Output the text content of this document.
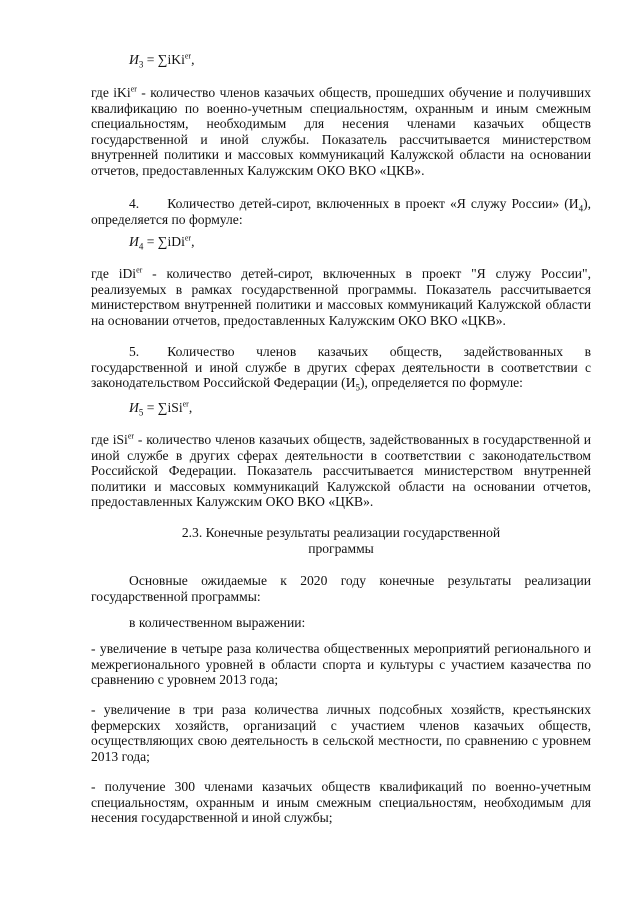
$И_3 = \sum iKi^{er}$,
где iKi$^{er}$ - количество членов казачьих обществ, прошедших обучение и получивших квалификацию по военно-учетным специальностям, охранным и иным смежным специальностям, необходимым для несения членами казачьих обществ государственной и иной службы. Показатель рассчитывается министерством внутренней политики и массовых коммуникаций Калужской области на основании отчетов, предоставленных Калужским ОКО ВКО «ЦКВ».
4. Количество детей-сирот, включенных в проект «Я служу России» $(И_4)$, определяется по формуле:
$И_4 = \sum iDi^{er}$,
где iDi$^{er}$ - количество детей-сирот, включенных в проект "Я служу России", реализуемых в рамках государственной программы. Показатель рассчитывается министерством внутренней политики и массовых коммуникаций Калужской области на основании отчетов, предоставленных Калужским ОКО ВКО «ЦКВ».
5. Количество членов казачьих обществ, задействованных в государственной и иной службе в других сферах деятельности в соответствии с законодательством Российской Федерации $(И_5)$, определяется по формуле:
$И_5 = \sum iSi^{er}$,
где iSi$^{er}$ - количество членов казачьих обществ, задействованных в государственной и иной службе в других сферах деятельности в соответствии с законодательством Российской Федерации. Показатель рассчитывается министерством внутренней политики и массовых коммуникаций Калужской области на основании отчетов, предоставленных Калужским ОКО ВКО «ЦКВ».
2.3. Конечные результаты реализации государственной
программы
Основные ожидаемые к 2020 году конечные результаты реализации государственной программы:
в количественном выражении:
- увеличение в четыре раза количества общественных мероприятий регионального и межрегионального уровней в области спорта и культуры с участием казачества по сравнению с уровнем 2013 года;
- увеличение в три раза количества личных подсобных хозяйств, крестьянских фермерских хозяйств, организаций с участием членов казачьих обществ, осуществляющих свою деятельность в сельской местности, по сравнению с уровнем 2013 года;
- получение 300 членами казачьих обществ квалификаций по военно-учетным специальностям, охранным и иным смежным специальностям, необходимым для несения государственной и иной службы;
